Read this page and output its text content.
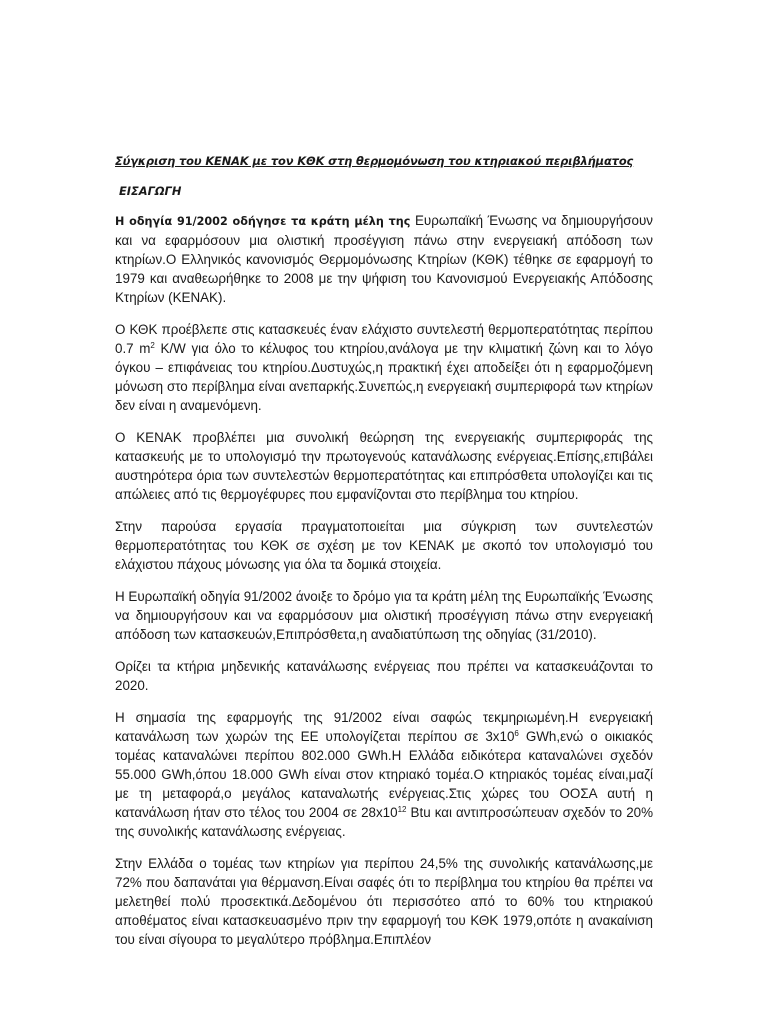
Σύγκριση του ΚΕΝΑΚ με τον ΚΘΚ στη θερμομόνωση του κτηριακού περιβλήματος

ΕΙΣΑΓΩΓΗ

Η οδηγία 91/2002 οδήγησε τα κράτη μέλη της Ευρωπαϊκή Ένωσης να δημιουργήσουν και να εφαρμόσουν μια ολιστική προσέγγιση πάνω στην ενεργειακή απόδοση των κτηρίων.Ο Ελληνικός κανονισμός Θερμομόνωσης Κτηρίων (ΚΘΚ) τέθηκε σε εφαρμογή το 1979 και αναθεωρήθηκε το 2008 με την ψήφιση του Κανονισμού Ενεργειακής Απόδοσης Κτηρίων (ΚΕΝΑΚ).

Ο ΚΘΚ προέβλεπε στις κατασκευές έναν ελάχιστο συντελεστή θερμοπερατότητας περίπου 0.7 $m^2$ K/W για όλο το κέλυφος του κτηρίου,ανάλογα με την κλιματική ζώνη και το λόγο όγκου – επιφάνειας του κτηρίου.Δυστυχώς,η πρακτική έχει αποδείξει ότι η εφαρμοζόμενη μόνωση στο περίβλημα είναι ανεπαρκής.Συνεπώς,η ενεργειακή συμπεριφορά των κτηρίων δεν είναι η αναμενόμενη.

Ο ΚΕΝΑΚ προβλέπει μια συνολική θεώρηση της ενεργειακής συμπεριφοράς της κατασκευής με το υπολογισμό την πρωτογενούς κατανάλωσης ενέργειας.Επίσης,επιβάλει αυστηρότερα όρια των συντελεστών θερμοπερατότητας και επιπρόσθετα υπολογίζει και τις απώλειες από τις θερμογέφυρες που εμφανίζονται στο περίβλημα του κτηρίου.

Στην παρούσα εργασία πραγματοποιείται μια σύγκριση των συντελεστών θερμοπερατότητας του ΚΘΚ σε σχέση με τον ΚΕΝΑΚ με σκοπό τον υπολογισμό του ελάχιστου πάχους μόνωσης για όλα τα δομικά στοιχεία.

Η Ευρωπαϊκή οδηγία 91/2002 άνοιξε το δρόμο για τα κράτη μέλη της Ευρωπαϊκής Ένωσης να δημιουργήσουν και να εφαρμόσουν μια ολιστική προσέγγιση πάνω στην ενεργειακή απόδοση των κατασκευών,Επιπρόσθετα,η αναδιατύπωση της οδηγίας (31/2010).

Ορίζει τα κτήρια μηδενικής κατανάλωσης ενέργειας που πρέπει να κατασκευάζονται το 2020.

Η σημασία της εφαρμογής της 91/2002 είναι σαφώς τεκμηριωμένη.Η ενεργειακή κατανάλωση των χωρών της ΕΕ υπολογίζεται περίπου σε $3x10^6$ GWh,ενώ ο οικιακός τομέας καταναλώνει περίπου 802.000 GWh.Η Ελλάδα ειδικότερα καταναλώνει σχεδόν 55.000 GWh,όπου 18.000 GWh είναι στον κτηριακό τομέα.Ο κτηριακός τομέας είναι,μαζί με τη μεταφορά,ο μεγάλος καταναλωτής ενέργειας.Στις χώρες του ΟΟΣΑ αυτή η κατανάλωση ήταν στο τέλος του 2004 σε $28x10^{12}$ Btu και αντιπροσώπευαν σχεδόν το 20% της συνολικής κατανάλωσης ενέργειας.

Στην Ελλάδα ο τομέας των κτηρίων για περίπου 24,5% της συνολικής κατανάλωσης,με 72% που δαπανάται για θέρμανση.Είναι σαφές ότι το περίβλημα του κτηρίου θα πρέπει να μελετηθεί πολύ προσεκτικά.Δεδομένου ότι περισσότεο από το 60% του κτηριακού αποθέματος είναι κατασκευασμένο πριν την εφαρμογή του ΚΘΚ 1979,οπότε η ανακαίνιση του είναι σίγουρα το μεγαλύτερο πρόβλημα.Επιπλέον
